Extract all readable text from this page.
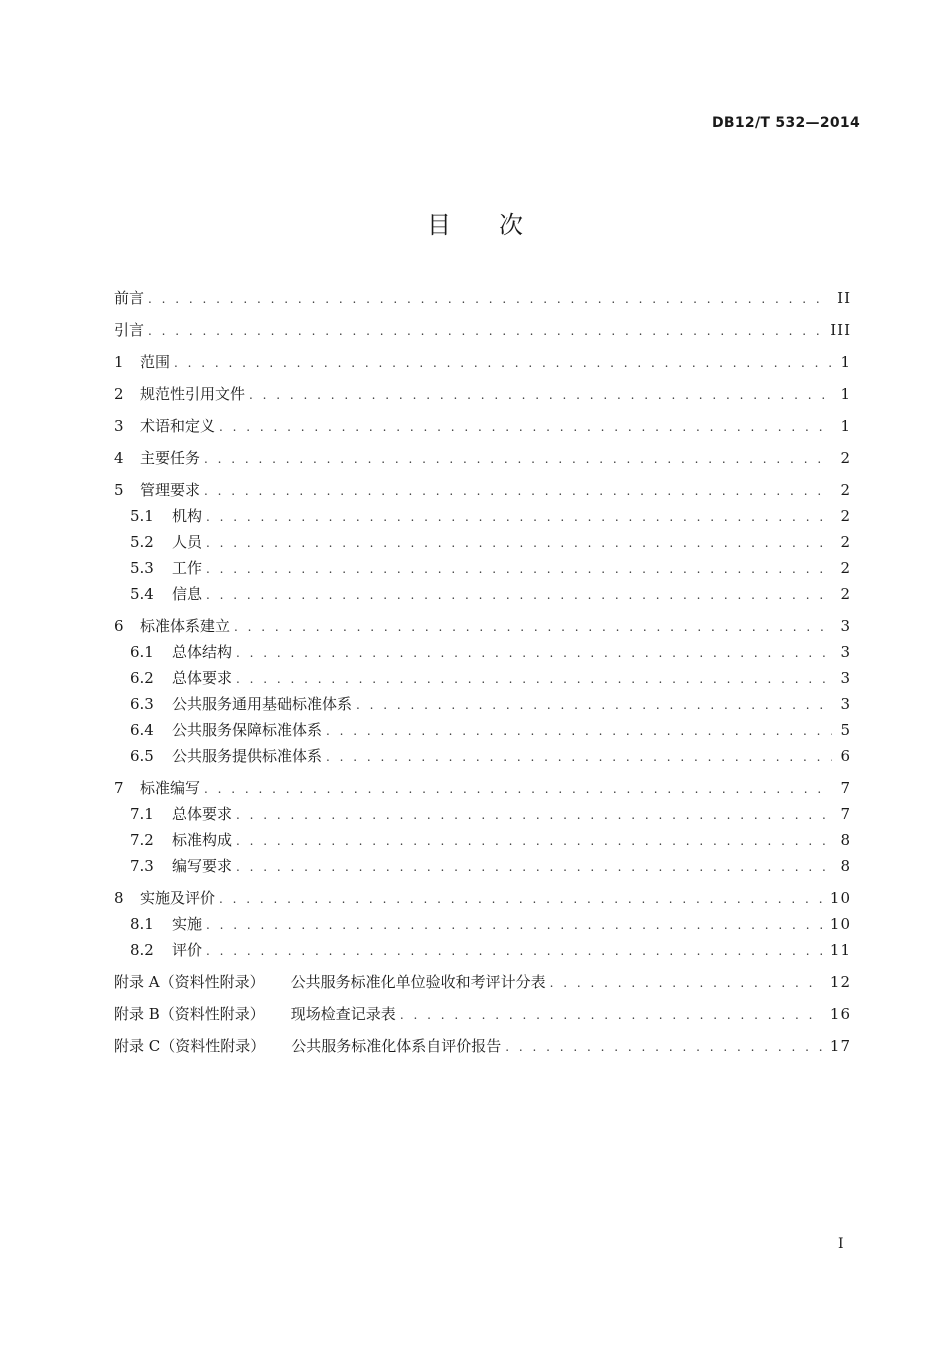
DB12/T 532—2014
目次
前言 . . .	II
引言 . . .	III
1	范围 . . .	1
2	规范性引用文件 . . .	1
3	术语和定义 . . .	1
4	主要任务 . . .	2
5	管理要求 . . .	2
5.1	机构 . . .	2
5.2	人员 . . .	2
5.3	工作 . . .	2
5.4	信息 . . .	2
6	标准体系建立 . . .	3
6.1	总体结构 . . .	3
6.2	总体要求 . . .	3
6.3	公共服务通用基础标准体系 . . .	3
6.4	公共服务保障标准体系 . . .	5
6.5	公共服务提供标准体系 . . .	6
7	标准编写 . . .	7
7.1	总体要求 . . .	7
7.2	标准构成 . . .	8
7.3	编写要求 . . .	8
8	实施及评价 . . .	10
8.1	实施 . . .	10
8.2	评价 . . .	11
附录 A（资料性附录）	公共服务标准化单位验收和考评计分表 . . .	12
附录 B（资料性附录）	现场检查记录表 . . .	16
附录 C（资料性附录）	公共服务标准化体系自评价报告 . . .	17
I
